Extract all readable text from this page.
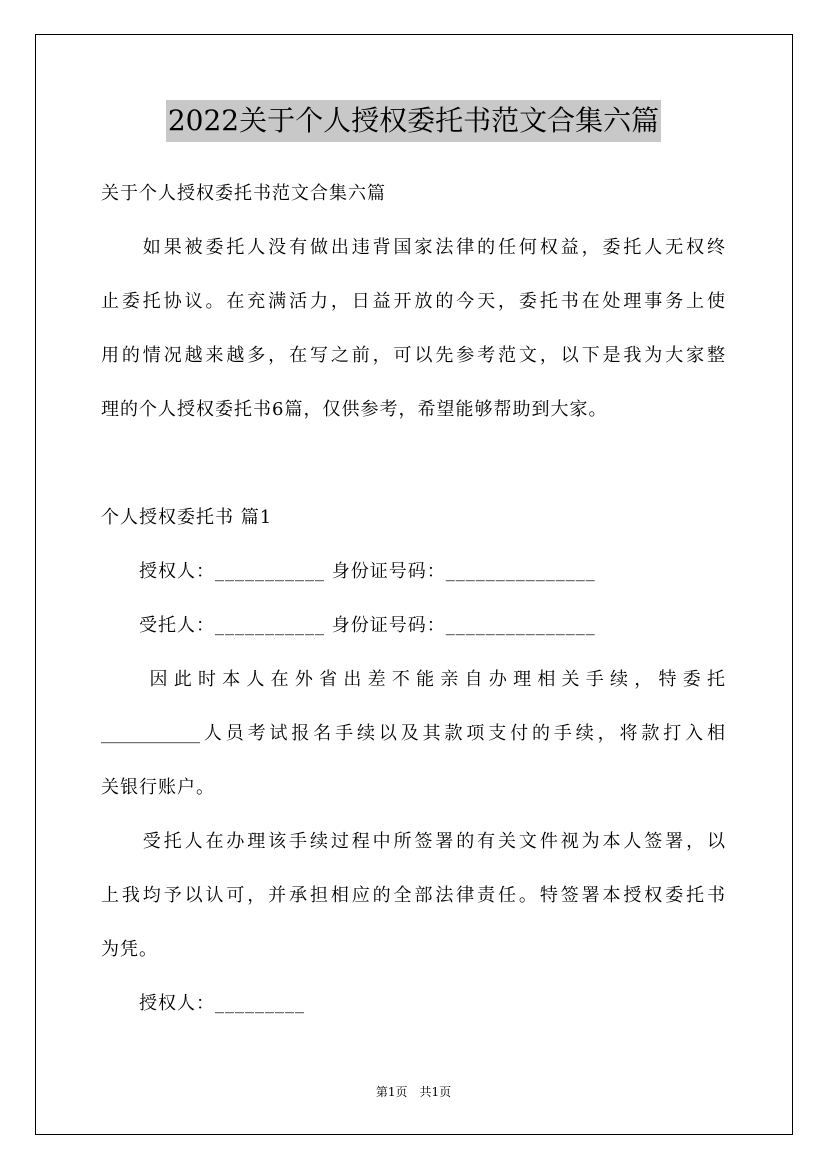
2022关于个人授权委托书范文合集六篇

关于个人授权委托书范文合集六篇

　　如果被委托人没有做出违背国家法律的任何权益，委托人无权终

止委托协议。在充满活力，日益开放的今天，委托书在处理事务上使

用的情况越来越多，在写之前，可以先参考范文，以下是我为大家整

理的个人授权委托书6篇，仅供参考，希望能够帮助到大家。

个人授权委托书 篇1

　　授权人：___________ 身份证号码：_______________

　　受托人：___________ 身份证号码：_______________

　　因此时本人在外省出差不能亲自办理相关手续，特委托

___________人员考试报名手续以及其款项支付的手续，将款打入相

关银行账户。

　　受托人在办理该手续过程中所签署的有关文件视为本人签署，以

上我均予以认可，并承担相应的全部法律责任。特签署本授权委托书

为凭。

　　授权人：_________

第1页　共1页
